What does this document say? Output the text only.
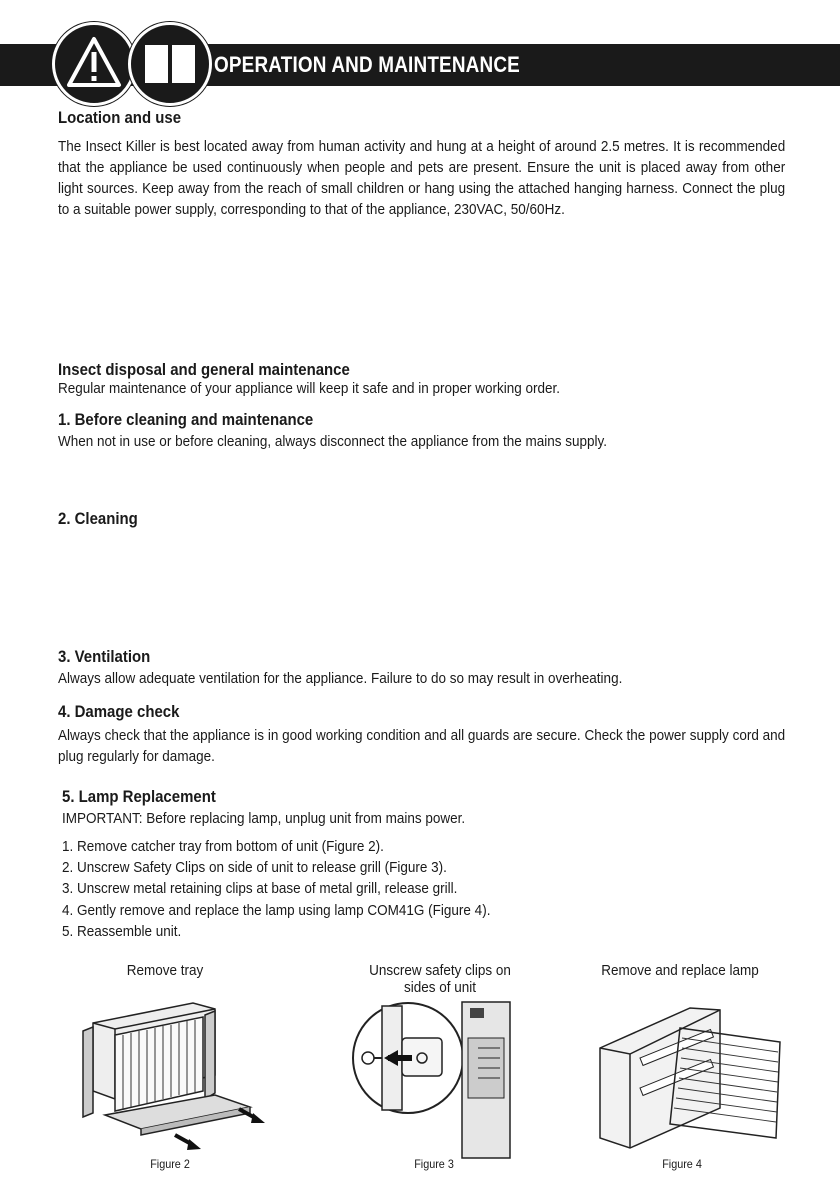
OPERATION AND MAINTENANCE
Location and use
The Insect Killer is best located away from human activity and hung at a height of around 2.5 metres. It is recommended that the appliance be used continuously when people and pets are present. Ensure the unit is placed away from other light sources. Keep away from the reach of small children or hang using the attached hanging harness. Connect the plug to a suitable power supply, corresponding to that of the appliance, 230VAC, 50/60Hz.
Insect disposal and general maintenance
Regular maintenance of your appliance will keep it safe and in proper working order.
1. Before cleaning and maintenance
When not in use or before cleaning, always disconnect the appliance from the mains supply.
2. Cleaning
3. Ventilation
Always allow adequate ventilation for the appliance. Failure to do so may result in overheating.
4. Damage check
Always check that the appliance is in good working condition and all guards are secure. Check the power supply cord and plug regularly for damage.
5. Lamp Replacement
IMPORTANT: Before replacing lamp, unplug unit from mains power.
1. Remove catcher tray from bottom of unit (Figure 2).
2. Unscrew Safety Clips on side of unit to release grill (Figure 3).
3. Unscrew metal retaining clips at base of metal grill, release grill.
4. Gently remove and replace the lamp using lamp COM41G (Figure 4).
5. Reassemble unit.
Remove tray	Unscrew safety clips on sides of unit
Remove and replace lamp
Figure 2	Figure 3	Figure 4
